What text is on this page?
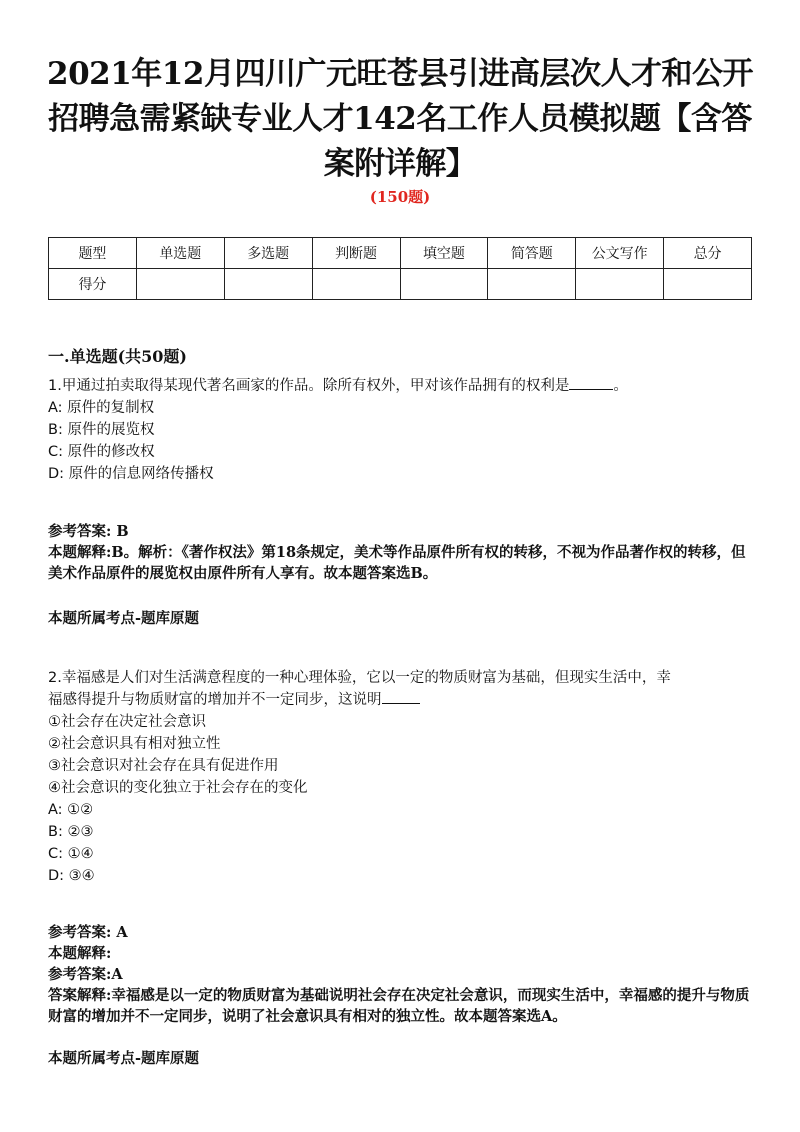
2021年12月四川广元旺苍县引进高层次人才和公开招聘急需紧缺专业人才142名工作人员模拟题【含答案附详解】
(150题)
题型	单选题	多选题	判断题	填空题	简答题	公文写作	总分
得分							
一.单选题(共50题)
1.甲通过拍卖取得某现代著名画家的作品。除所有权外，甲对该作品拥有的权利是	。
A: 原件的复制权
B: 原件的展览权
C: 原件的修改权
D: 原件的信息网络传播权
参考答案: B
本题解释:B。解析：《著作权法》第18条规定，美术等作品原件所有权的转移，不视为作品著作权的转移，但美术作品原件的展览权由原件所有人享有。故本题答案选B。
本题所属考点-题库原题
2.幸福感是人们对生活满意程度的一种心理体验，它以一定的物质财富为基础，但现实生活中，幸
福感得提升与物质财富的增加并不一定同步，这说明
①社会存在决定社会意识
②社会意识具有相对独立性
③社会意识对社会存在具有促进作用
④社会意识的变化独立于社会存在的变化
A: ①②
B: ②③
C: ①④
D: ③④
参考答案: A
本题解释:
参考答案:A
答案解释:幸福感是以一定的物质财富为基础说明社会存在决定社会意识，而现实生活中，幸福感的提升与物质财富的增加并不一定同步，说明了社会意识具有相对的独立性。故本题答案选A。
本题所属考点-题库原题
